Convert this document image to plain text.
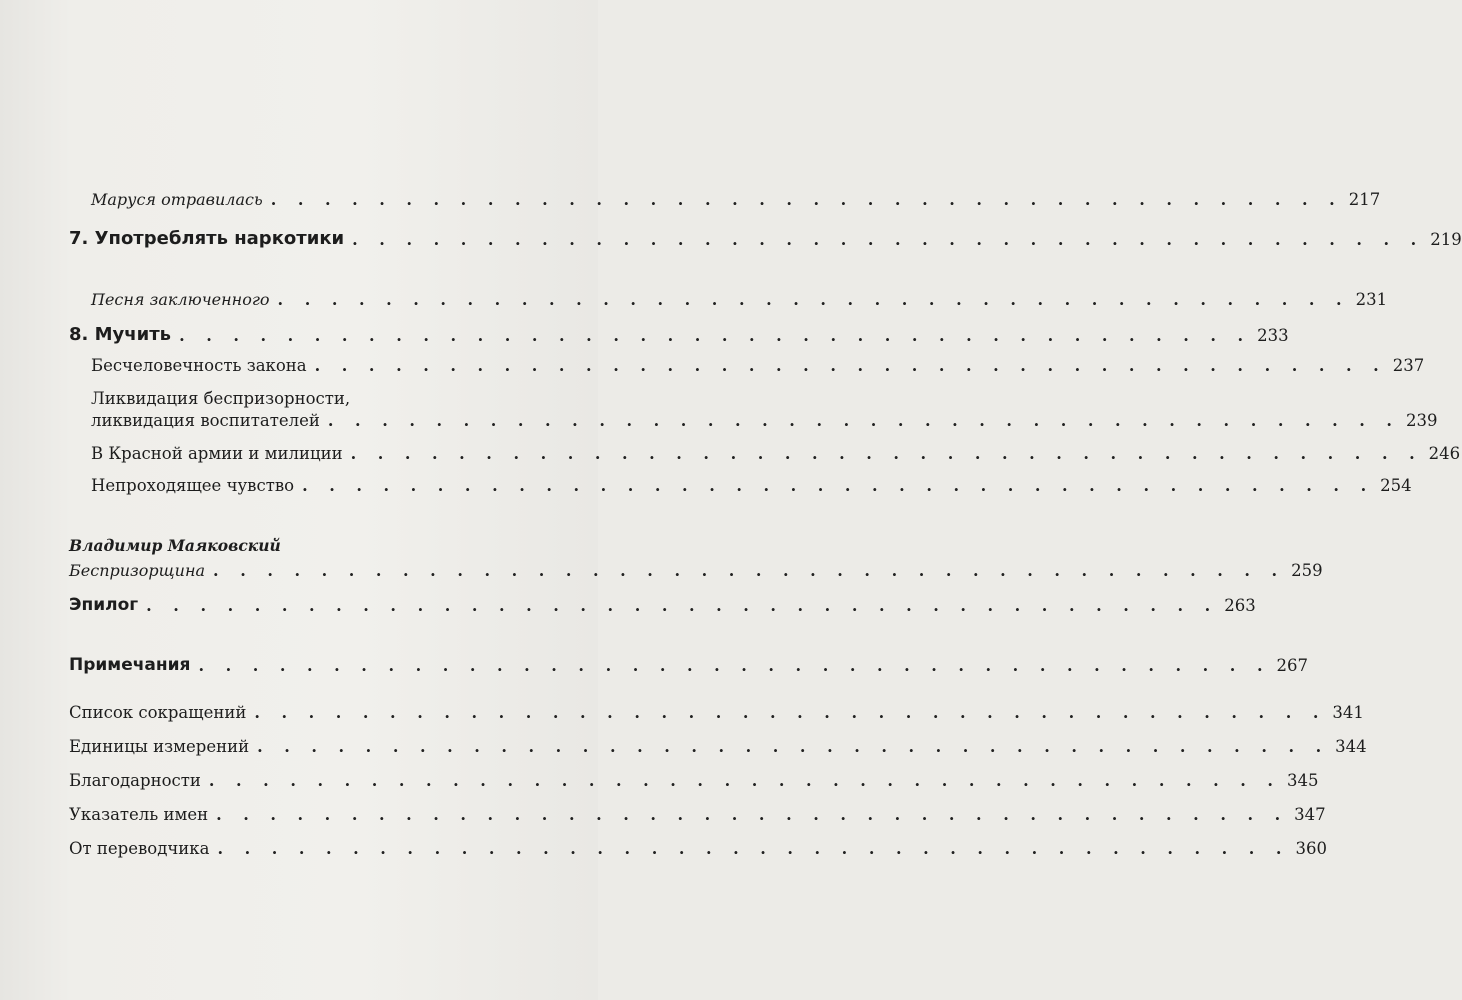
Маруся отравилась . . . . . . . . . . . . . . . . . . . . . . . . . . . . . . . . . . . . . . . . 217
7. Употреблять наркотики . . . . . . . . . . . . . . . . . . . . . . . . . . . . . . . . . . . . . . . . 219
Песня заключенного . . . . . . . . . . . . . . . . . . . . . . . . . . . . . . . . . . . . . . . . 231
8. Мучить . . . . . . . . . . . . . . . . . . . . . . . . . . . . . . . . . . . . . . . . 233
Бесчеловечность закона . . . . . . . . . . . . . . . . . . . . . . . . . . . . . . . . . . . . . . . . 237
Ликвидация беспризорности,
ликвидация воспитателей . . . . . . . . . . . . . . . . . . . . . . . . . . . . . . . . . . . . . . . . 239
В Красной армии и милиции . . . . . . . . . . . . . . . . . . . . . . . . . . . . . . . . . . . . . . . . 246
Непроходящее чувство . . . . . . . . . . . . . . . . . . . . . . . . . . . . . . . . . . . . . . . . 254
Владимир Маяковский
Беспризорщина . . . . . . . . . . . . . . . . . . . . . . . . . . . . . . . . . . . . . . . . 259
Эпилог . . . . . . . . . . . . . . . . . . . . . . . . . . . . . . . . . . . . . . . . 263
Примечания . . . . . . . . . . . . . . . . . . . . . . . . . . . . . . . . . . . . . . . . 267
Список сокращений . . . . . . . . . . . . . . . . . . . . . . . . . . . . . . . . . . . . . . . . 341
Единицы измерений . . . . . . . . . . . . . . . . . . . . . . . . . . . . . . . . . . . . . . . . 344
Благодарности . . . . . . . . . . . . . . . . . . . . . . . . . . . . . . . . . . . . . . . . 345
Указатель имен . . . . . . . . . . . . . . . . . . . . . . . . . . . . . . . . . . . . . . . . 347
От переводчика . . . . . . . . . . . . . . . . . . . . . . . . . . . . . . . . . . . . . . . . 360
